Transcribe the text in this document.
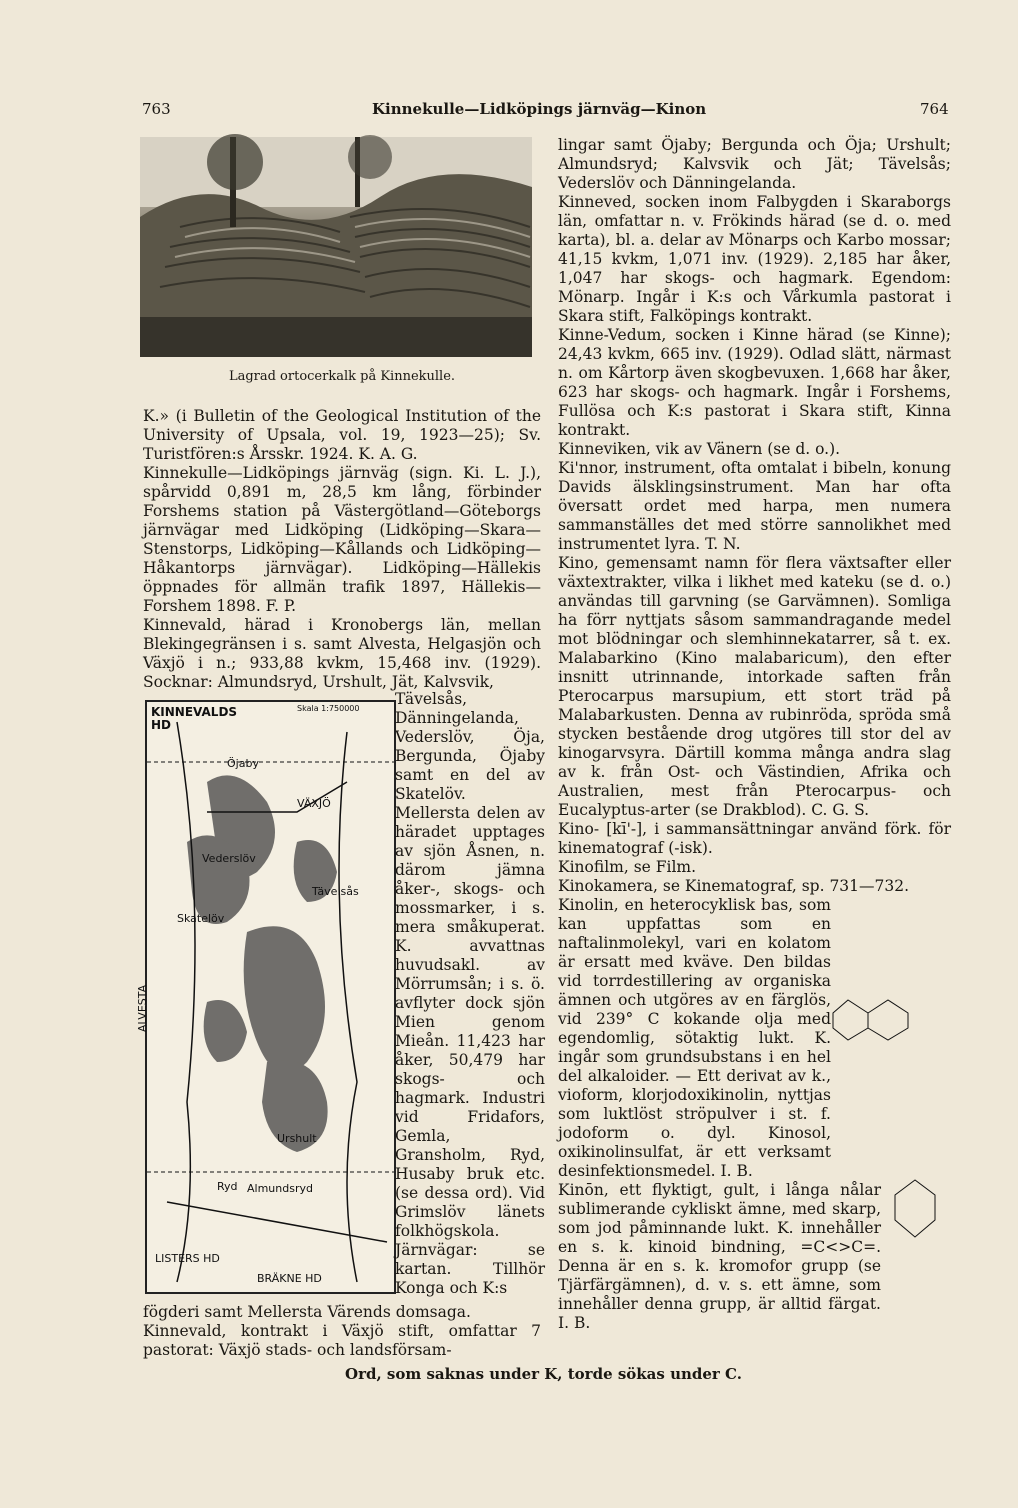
763	Kinnekulle—Lidköpings järnväg—Kinon	764
Lagrad ortocerkalk på Kinnekulle.

K.» (i Bulletin of the Geological Institution of the University of Upsala, vol. 19, 1923—25); Sv. Turistfören:s Årsskr. 1924. K. A. G.

Kinnekulle—Lidköpings järnväg (sign. Ki. L. J.), spårvidd 0,891 m, 28,5 km lång, förbinder Forshems station på Västergötland—Göteborgs järnvägar med Lidköping (Lidköping—Skara—Stenstorps, Lidköping—Kållands och Lidköping—Håkantorps järnvägar). Lidköping—Hällekis öppnades för allmän trafik 1897, Hällekis—Forshem 1898. F. P.

Kinnevald, härad i Kronobergs län, mellan Blekingegränsen i s. samt Alvesta, Helgasjön och Växjö i n.; 933,88 kvkm, 15,468 inv. (1929). Socknar: Almundsryd, Urshult, Jät, Kalvsvik,

KINNEVALDS HD
Skala 1:750000
VÄXJÖ
Öjaby
Vederslöv
Tävelsås
Skatelöv
Urshult
Ryd Almundsryd
LISTERS HD
BRÄKNE HD
ALVESTA

Tävelsås, Dänningelanda, Vederslöv, Öja, Bergunda, Öjaby samt en del av Skatelöv. Mellersta delen av häradet upptages av sjön Åsnen, n. därom jämna åker-, skogs- och mossmarker, i s. mera småkuperat. K. avvattnas huvudsakl. av Mörrumsån; i s. ö. avflyter dock sjön Mien genom Mieån. 11,423 har åker, 50,479 har skogs- och hagmark. Industri vid Fridafors, Gemla, Gransholm, Ryd, Husaby bruk etc. (se dessa ord). Vid Grimslöv länets folkhögskola. Järnvägar: se kartan. Tillhör Konga och K:s

fögderi samt Mellersta Värends domsaga.

Kinnevald, kontrakt i Växjö stift, omfattar 7 pastorat: Växjö stads- och landsförsam-

lingar samt Öjaby; Bergunda och Öja; Urshult; Almundsryd; Kalvsvik och Jät; Tävelsås; Vederslöv och Dänningelanda.

Kinneved, socken inom Falbygden i Skaraborgs län, omfattar n. v. Frökinds härad (se d. o. med karta), bl. a. delar av Mönarps och Karbo mossar; 41,15 kvkm, 1,071 inv. (1929). 2,185 har åker, 1,047 har skogs- och hagmark. Egendom: Mönarp. Ingår i K:s och Vårkumla pastorat i Skara stift, Falköpings kontrakt.

Kinne-Vedum, socken i Kinne härad (se Kinne); 24,43 kvkm, 665 inv. (1929). Odlad slätt, närmast n. om Kårtorp även skogbevuxen. 1,668 har åker, 623 har skogs- och hagmark. Ingår i Forshems, Fullösa och K:s pastorat i Skara stift, Kinna kontrakt.

Kinneviken, vik av Vänern (se d. o.).

Ki'nnor, instrument, ofta omtalat i bibeln, konung Davids älsklingsinstrument. Man har ofta översatt ordet med harpa, men numera sammanställes det med större sannolikhet med instrumentet lyra. T. N.

Kino, gemensamt namn för flera växtsafter eller växtextrakter, vilka i likhet med kateku (se d. o.) användas till garvning (se Garvämnen). Somliga ha förr nyttjats såsom sammandragande medel mot blödningar och slemhinnekatarrer, så t. ex. Malabarkino (Kino malabaricum), den efter insnitt utrinnande, intorkade saften från Pterocarpus marsupium, ett stort träd på Malabarkusten. Denna av rubinröda, spröda små stycken bestående drog utgöres till stor del av kinogarvsyra. Därtill komma många andra slag av k. från Ost- och Västindien, Afrika och Australien, mest från Pterocarpus- och Eucalyptus-arter (se Drakblod). C. G. S.

Kino- [kī'-], i sammansättningar använd förk. för kinematograf (-isk).

Kinofilm, se Film.

Kinokamera, se Kinematograf, sp. 731—732.

Kinolin, en heterocyklisk bas, som kan uppfattas som en naftalinmolekyl, vari en kolatom är ersatt med kväve. Den bildas vid torrdestillering av organiska ämnen och utgöres av en färglös, vid 239° C kokande olja med egendomlig, sötaktig lukt. K. ingår som grundsubstans i en hel del alkaloider. — Ett derivat av k., vioform, klorjodoxikinolin, nyttjas som luktlöst ströpulver i st. f. jodoform o. dyl. Kinosol, oxikinolinsulfat, är ett verksamt desinfektionsmedel. I. B.

Kinōn, ett flyktigt, gult, i långa nålar sublimerande cykliskt ämne, med skarp, som jod påminnande lukt. K. innehåller en s. k. kinoid bindning, =C<>C=. Denna är en s. k. kromofor grupp (se Tjärfärgämnen), d. v. s. ett ämne, som innehåller denna grupp, är alltid färgat. I. B.

Ord, som saknas under K, torde sökas under C.
